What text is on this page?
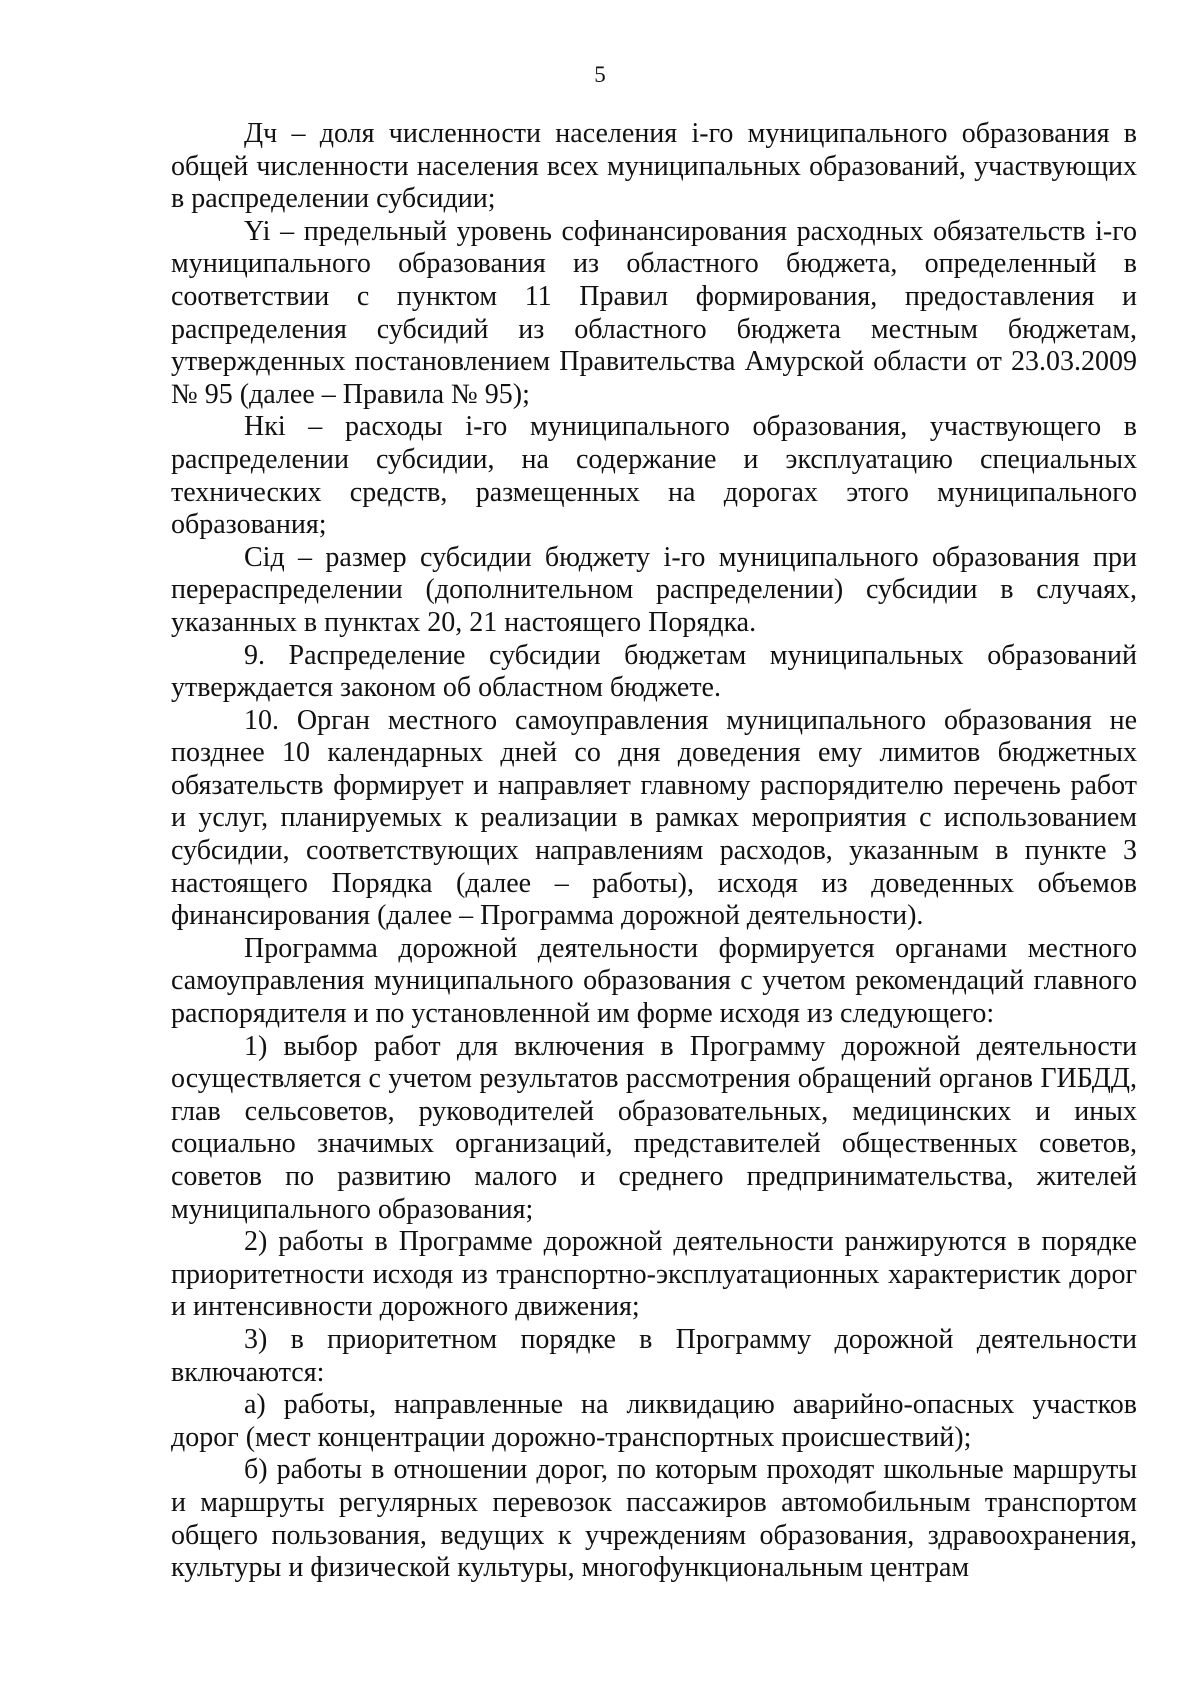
5

Дч – доля численности населения i-го муниципального образования в общей численности населения всех муниципальных образований, участвующих в распределении субсидии;

Yi – предельный уровень софинансирования расходных обязательств i-го муниципального образования из областного бюджета, определенный в соответствии с пунктом 11 Правил формирования, предоставления и распределения субсидий из областного бюджета местным бюджетам, утвержденных постановлением Правительства Амурской области от 23.03.2009 № 95 (далее – Правила № 95);

Нкi – расходы i-го муниципального образования, участвующего в распределении субсидии, на содержание и эксплуатацию специальных технических средств, размещенных на дорогах этого муниципального образования;

Сiд – размер субсидии бюджету i-го муниципального образования при перераспределении (дополнительном распределении) субсидии в случаях, указанных в пунктах 20, 21 настоящего Порядка.

9. Распределение субсидии бюджетам муниципальных образований утверждается законом об областном бюджете.

10. Орган местного самоуправления муниципального образования не позднее 10 календарных дней со дня доведения ему лимитов бюджетных обязательств формирует и направляет главному распорядителю перечень работ и услуг, планируемых к реализации в рамках мероприятия с использованием субсидии, соответствующих направлениям расходов, указанным в пункте 3 настоящего Порядка (далее – работы), исходя из доведенных объемов финансирования (далее – Программа дорожной деятельности).

Программа дорожной деятельности формируется органами местного самоуправления муниципального образования с учетом рекомендаций главного распорядителя и по установленной им форме исходя из следующего:

1) выбор работ для включения в Программу дорожной деятельности осуществляется с учетом результатов рассмотрения обращений органов ГИБДД, глав сельсоветов, руководителей образовательных, медицинских и иных социально значимых организаций, представителей общественных советов, советов по развитию малого и среднего предпринимательства, жителей муниципального образования;

2) работы в Программе дорожной деятельности ранжируются в порядке приоритетности исходя из транспортно-эксплуатационных характеристик дорог и интенсивности дорожного движения;

3) в приоритетном порядке в Программу дорожной деятельности включаются:

а) работы, направленные на ликвидацию аварийно-опасных участков дорог (мест концентрации дорожно-транспортных происшествий);

б) работы в отношении дорог, по которым проходят школьные маршруты и маршруты регулярных перевозок пассажиров автомобильным транспортом общего пользования, ведущих к учреждениям образования, здравоохранения, культуры и физической культуры, многофункциональным центрам
